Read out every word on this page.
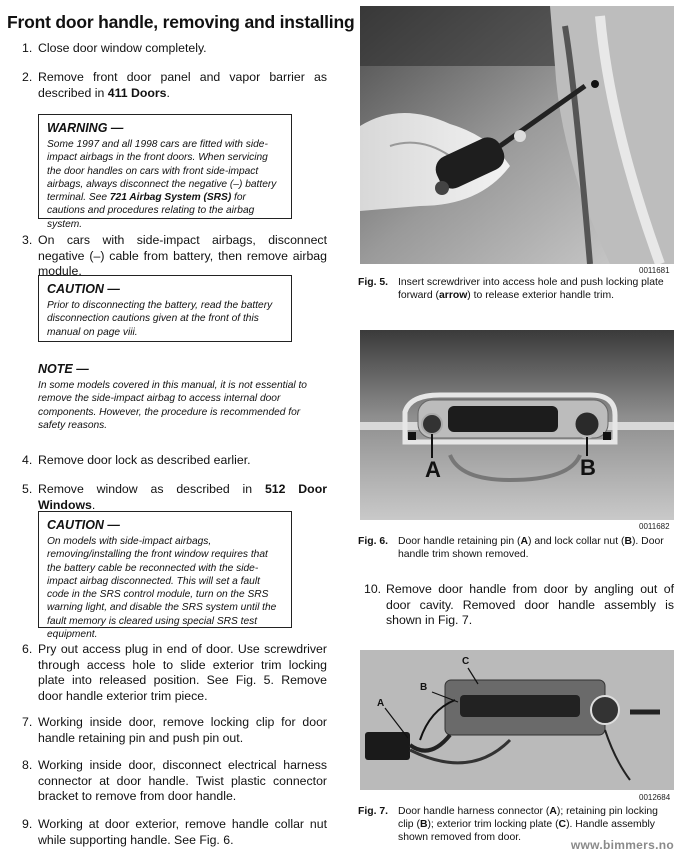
Front door handle, removing and installing
1. Close door window completely.
2. Remove front door panel and vapor barrier as described in 411 Doors.
WARNING —
Some 1997 and all 1998 cars are fitted with side-impact airbags in the front doors. When servicing the door handles on cars with front side-impact airbags, always disconnect the negative (–) battery terminal. See 721 Airbag System (SRS) for cautions and procedures relating to the airbag system.
3. On cars with side-impact airbags, disconnect negative (–) cable from battery, then remove airbag module.
CAUTION —
Prior to disconnecting the battery, read the battery disconnection cautions given at the front of this manual on page viii.
NOTE —
In some models covered in this manual, it is not essential to remove the side-impact airbag to access internal door components. However, the procedure is recommended for safety reasons.
4. Remove door lock as described earlier.
5. Remove window as described in 512 Door Windows.
CAUTION —
On models with side-impact airbags, removing/installing the front window requires that the battery cable be reconnected with the side-impact airbag disconnected. This will set a fault code in the SRS control module, turn on the SRS warning light, and disable the SRS system until the fault memory is cleared using special SRS test equipment.
6. Pry out access plug in end of door. Use screwdriver through access hole to slide exterior trim locking plate into released position. See Fig. 5. Remove door handle exterior trim piece.
7. Working inside door, remove locking clip for door handle retaining pin and push pin out.
8. Working inside door, disconnect electrical harness connector at door handle. Twist plastic connector bracket to remove from door handle.
9. Working at door exterior, remove handle collar nut while supporting handle. See Fig. 6.
0011681
Fig. 5. Insert screwdriver into access hole and push locking plate forward (arrow) to release exterior handle trim.
A	B
0011682
Fig. 6. Door handle retaining pin (A) and lock collar nut (B). Door handle trim shown removed.
10. Remove door handle from door by angling out of door cavity. Removed door handle assembly is shown in Fig. 7.
A
B
C
0012684
Fig. 7. Door handle harness connector (A); retaining pin locking clip (B); exterior trim locking plate (C). Handle assembly shown removed from door.
www.bimmers.no
